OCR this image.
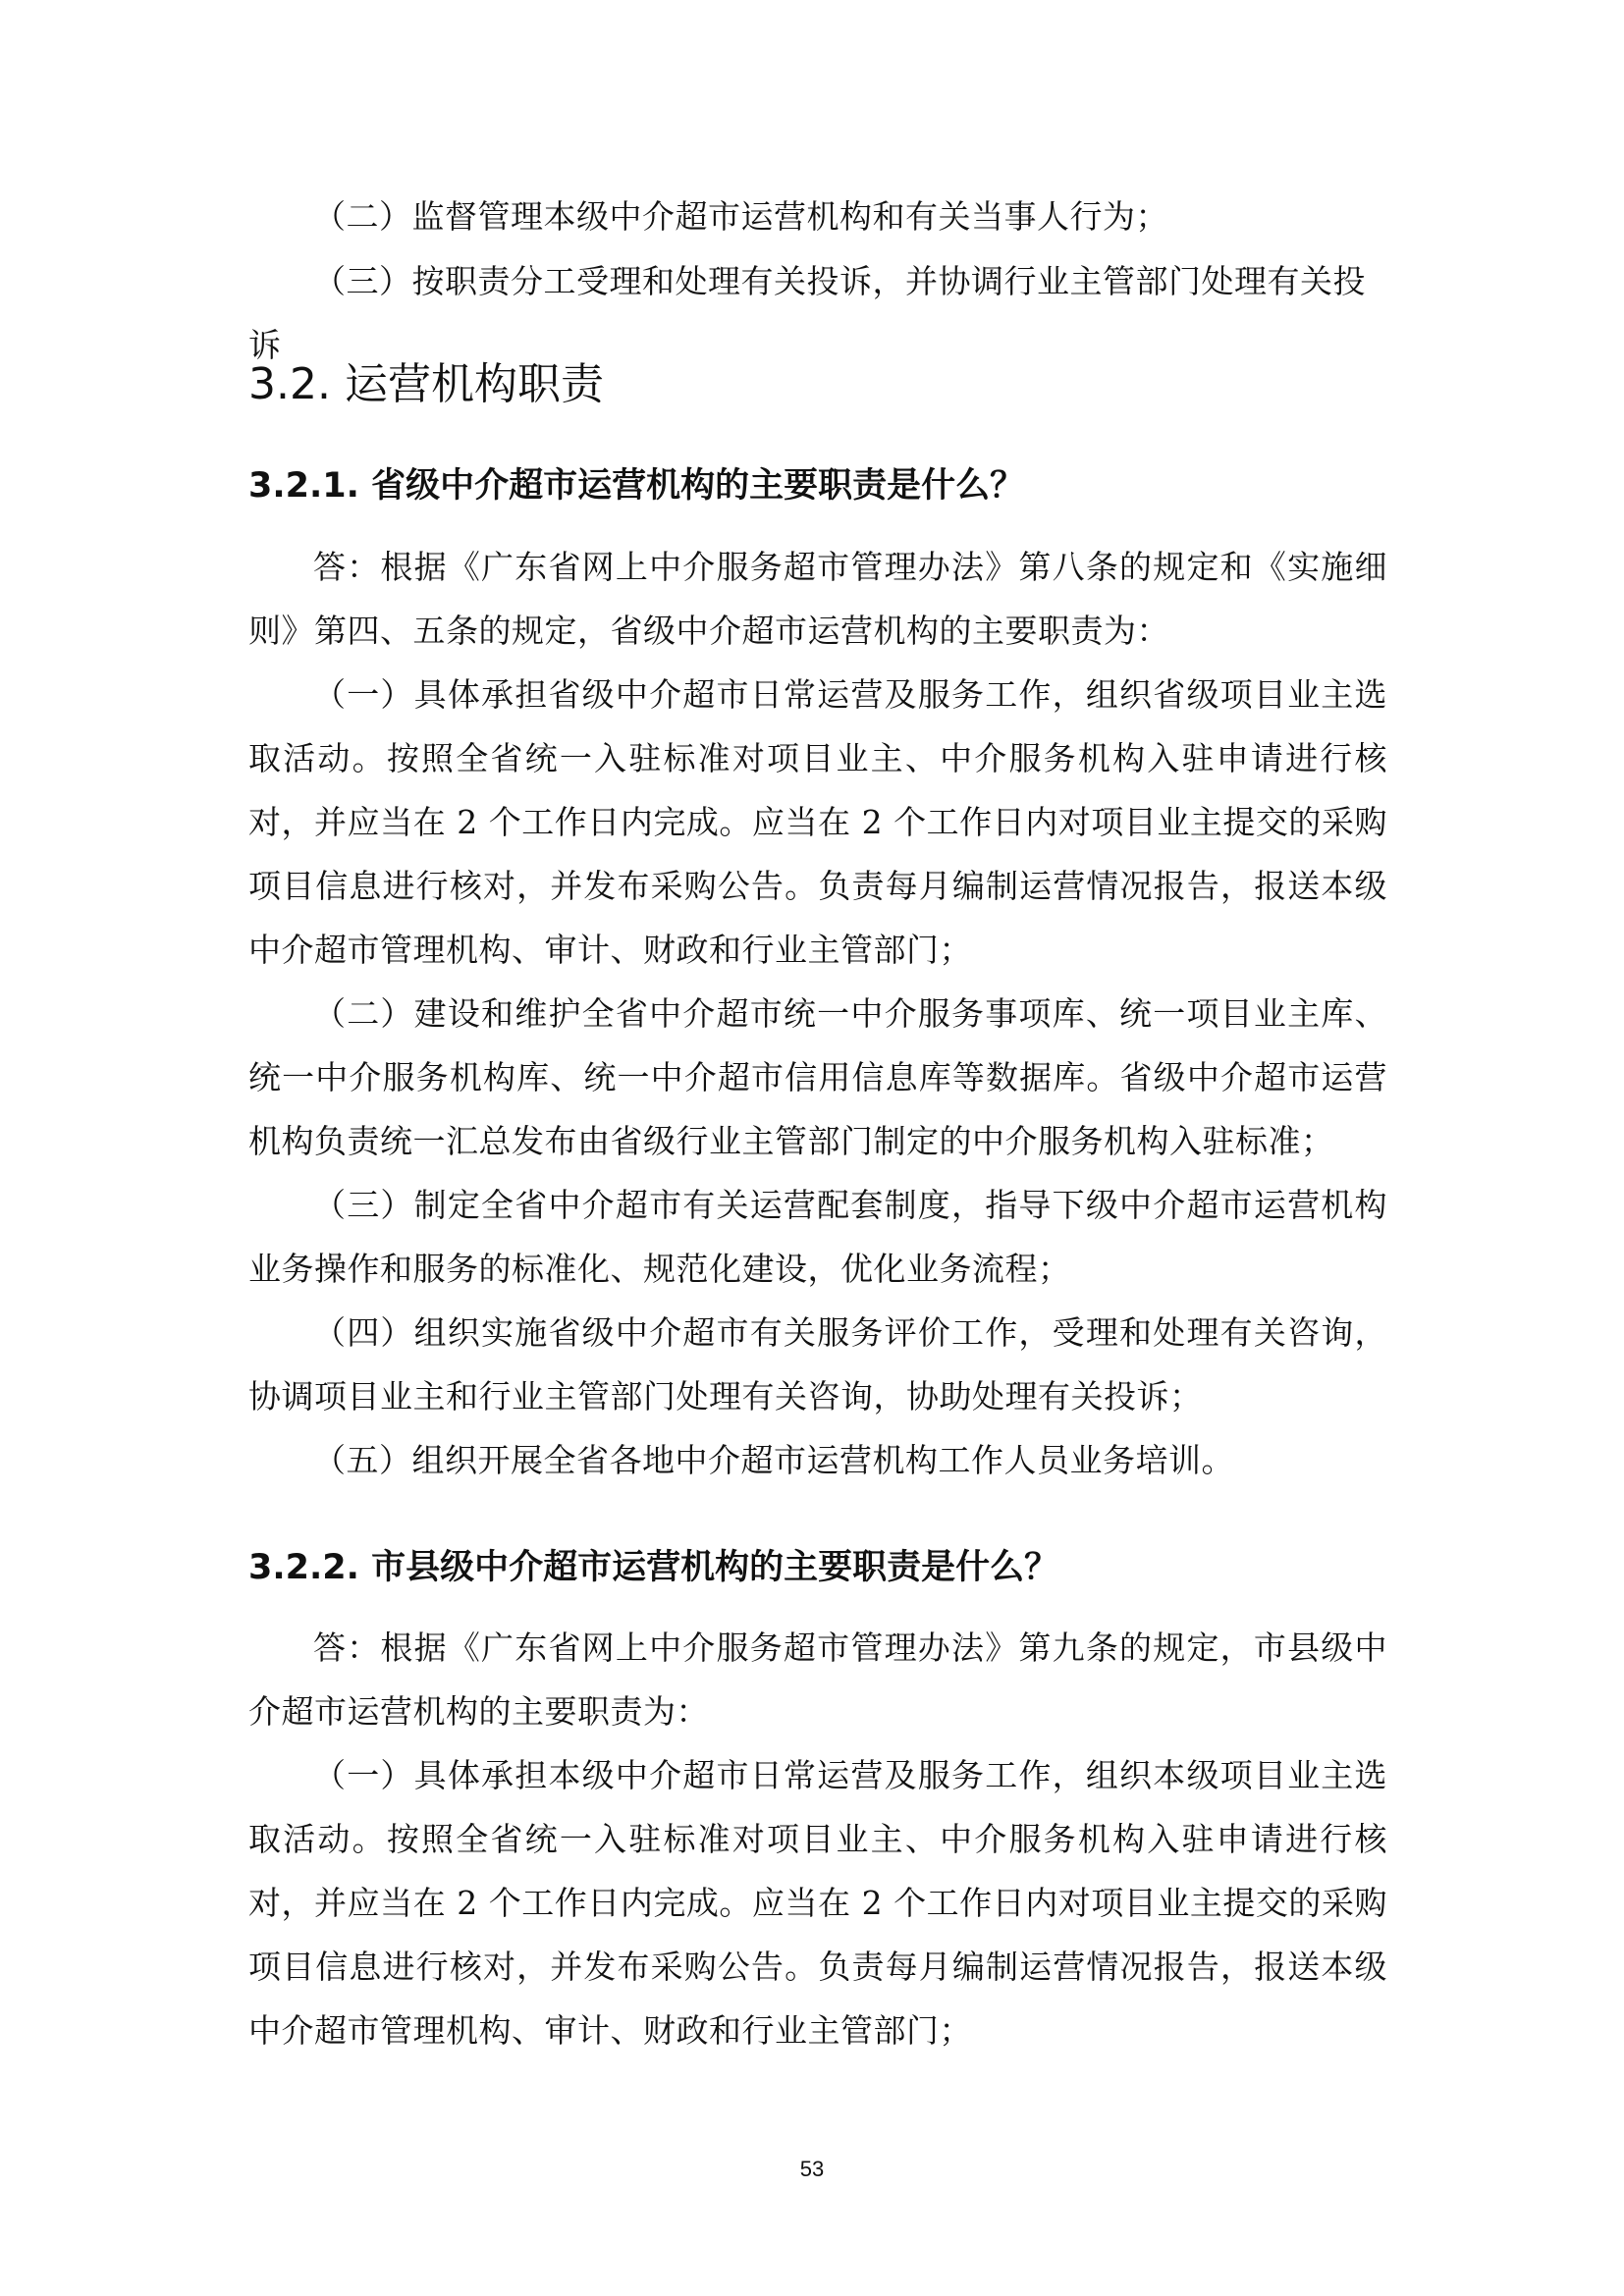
（二）监督管理本级中介超市运营机构和有关当事人行为；

（三）按职责分工受理和处理有关投诉，并协调行业主管部门处理有关投诉

3.2. 运营机构职责
3.2.1. 省级中介超市运营机构的主要职责是什么？

答：根据《广东省网上中介服务超市管理办法》第八条的规定和《实施细则》第四、五条的规定，省级中介超市运营机构的主要职责为：

（一）具体承担省级中介超市日常运营及服务工作，组织省级项目业主选取活动。按照全省统一入驻标准对项目业主、中介服务机构入驻申请进行核对，并应当在 2 个工作日内完成。应当在 2 个工作日内对项目业主提交的采购项目信息进行核对，并发布采购公告。负责每月编制运营情况报告，报送本级中介超市管理机构、审计、财政和行业主管部门；

（二）建设和维护全省中介超市统一中介服务事项库、统一项目业主库、统一中介服务机构库、统一中介超市信用信息库等数据库。省级中介超市运营机构负责统一汇总发布由省级行业主管部门制定的中介服务机构入驻标准；

（三）制定全省中介超市有关运营配套制度，指导下级中介超市运营机构业务操作和服务的标准化、规范化建设，优化业务流程；

（四）组织实施省级中介超市有关服务评价工作，受理和处理有关咨询，协调项目业主和行业主管部门处理有关咨询，协助处理有关投诉；

（五）组织开展全省各地中介超市运营机构工作人员业务培训。

3.2.2. 市县级中介超市运营机构的主要职责是什么？

答：根据《广东省网上中介服务超市管理办法》第九条的规定，市县级中介超市运营机构的主要职责为：

（一）具体承担本级中介超市日常运营及服务工作，组织本级项目业主选取活动。按照全省统一入驻标准对项目业主、中介服务机构入驻申请进行核对，并应当在 2 个工作日内完成。应当在 2 个工作日内对项目业主提交的采购项目信息进行核对，并发布采购公告。负责每月编制运营情况报告，报送本级中介超市管理机构、审计、财政和行业主管部门；

53
